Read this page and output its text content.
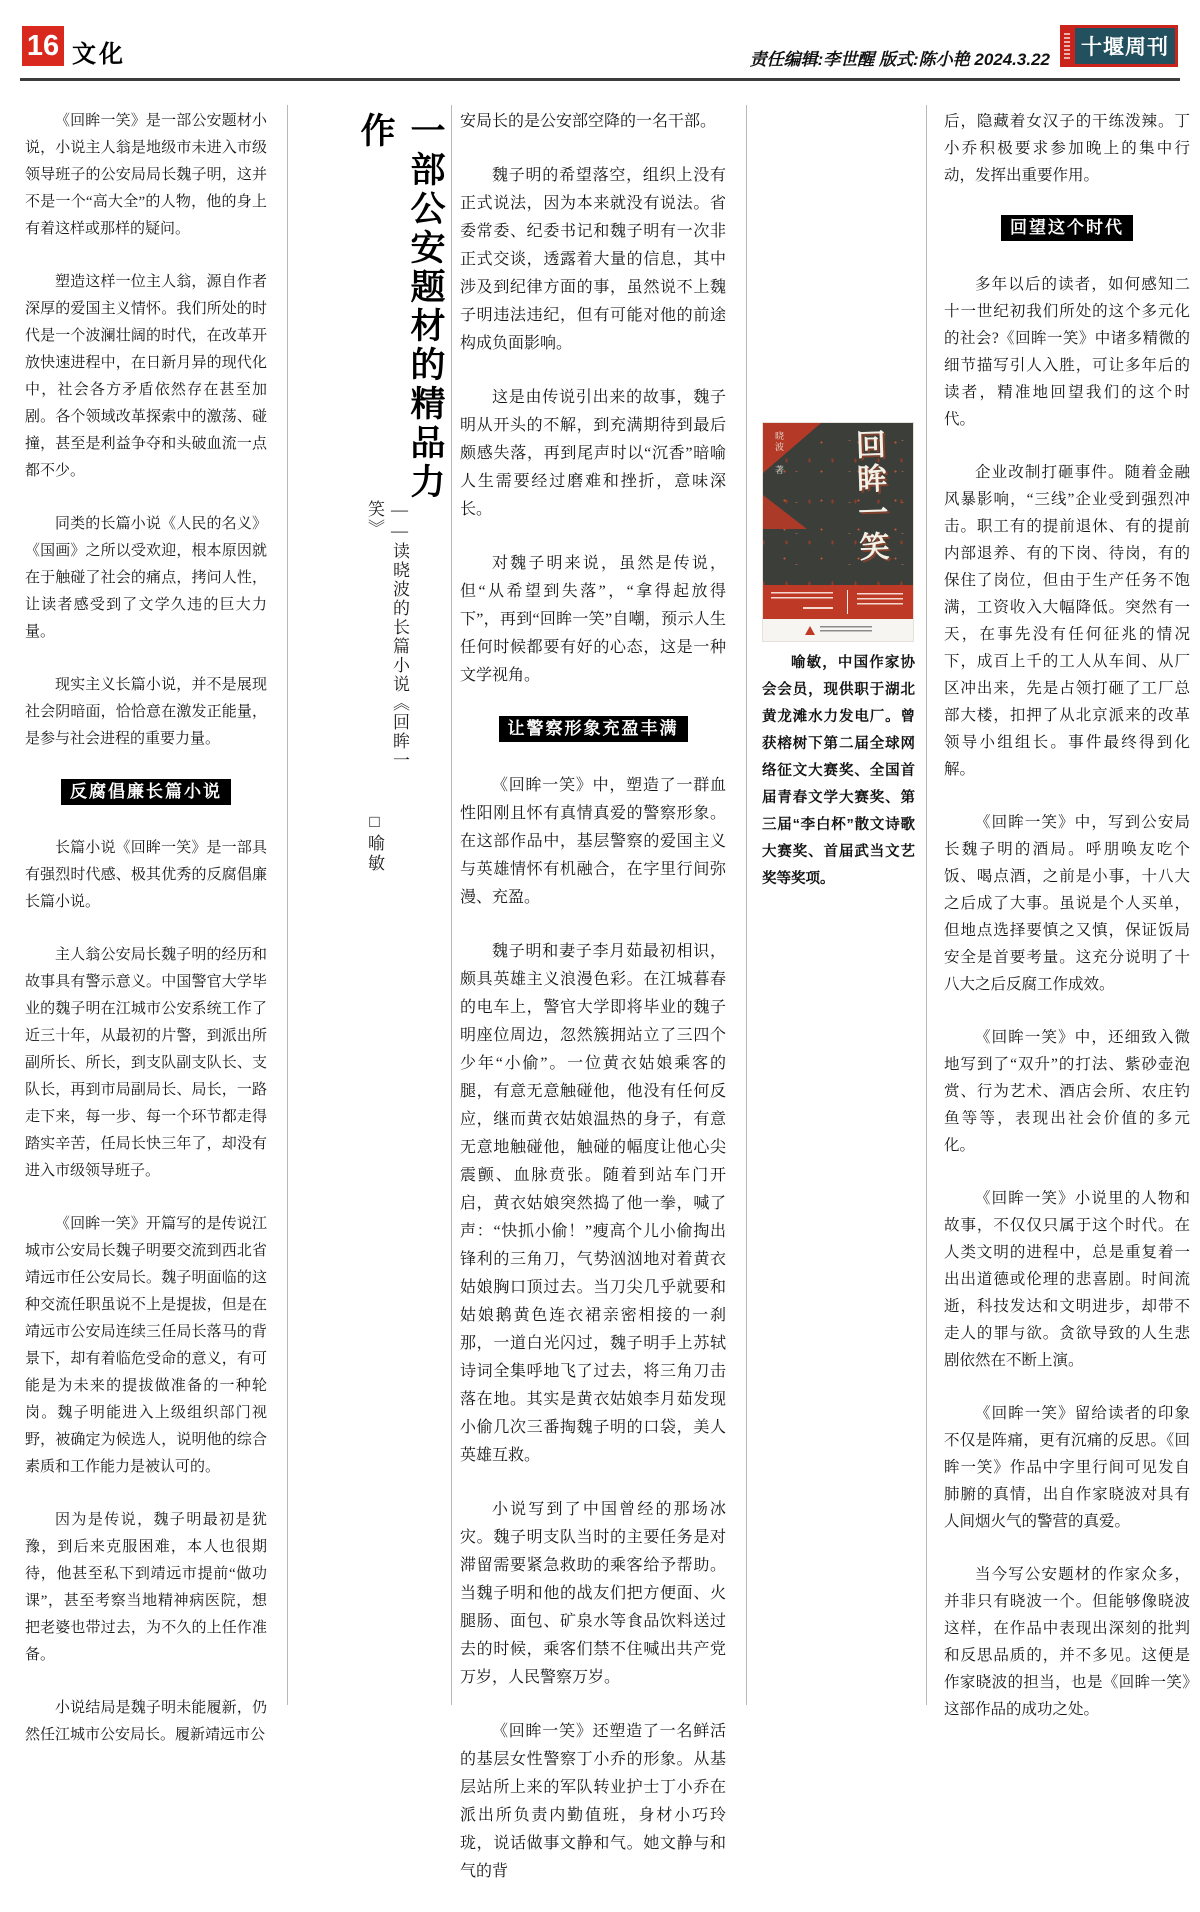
16 文化	责任编辑:李世醒 版式:陈小艳 2024.3.22
十堰周刊

《回眸一笑》是一部公安题材小说，小说主人翁是地级市未进入市级领导班子的公安局局长魏子明，这并不是一个“高大全”的人物，他的身上有着这样或那样的疑问。

塑造这样一位主人翁，源自作者深厚的爱国主义情怀。我们所处的时代是一个波澜壮阔的时代，在改革开放快速进程中，在日新月异的现代化中，社会各方矛盾依然存在甚至加剧。各个领域改革探索中的激荡、碰撞，甚至是利益争夺和头破血流一点都不少。

同类的长篇小说《人民的名义》《国画》之所以受欢迎，根本原因就在于触碰了社会的痛点，拷问人性，让读者感受到了文学久违的巨大力量。

现实主义长篇小说，并不是展现社会阴暗面，恰恰意在激发正能量，是参与社会进程的重要力量。

反腐倡廉长篇小说

长篇小说《回眸一笑》是一部具有强烈时代感、极其优秀的反腐倡廉长篇小说。

主人翁公安局长魏子明的经历和故事具有警示意义。中国警官大学毕业的魏子明在江城市公安系统工作了近三十年，从最初的片警，到派出所副所长、所长，到支队副支队长、支队长，再到市局副局长、局长，一路走下来，每一步、每一个环节都走得踏实辛苦，任局长快三年了，却没有进入市级领导班子。

《回眸一笑》开篇写的是传说江城市公安局长魏子明要交流到西北省靖远市任公安局长。魏子明面临的这种交流任职虽说不上是提拔，但是在靖远市公安局连续三任局长落马的背景下，却有着临危受命的意义，有可能是为未来的提拔做准备的一种轮岗。魏子明能进入上级组织部门视野，被确定为候选人，说明他的综合素质和工作能力是被认可的。

因为是传说，魏子明最初是犹豫，到后来克服困难，本人也很期待，他甚至私下到靖远市提前“做功课”，甚至考察当地精神病医院，想把老婆也带过去，为不久的上任作准备。

小说结局是魏子明未能履新，仍然任江城市公安局长。履新靖远市公

安局长的是公安部空降的一名干部。

魏子明的希望落空，组织上没有正式说法，因为本来就没有说法。省委常委、纪委书记和魏子明有一次非正式交谈，透露着大量的信息，其中涉及到纪律方面的事，虽然说不上魏子明违法违纪，但有可能对他的前途构成负面影响。

这是由传说引出来的故事，魏子明从开头的不解，到充满期待到最后颇感失落，再到尾声时以“沉香”暗喻人生需要经过磨难和挫折，意味深长。

对魏子明来说，虽然是传说，但“从希望到失落”，“拿得起放得下”，再到“回眸一笑”自嘲，预示人生任何时候都要有好的心态，这是一种文学视角。

让警察形象充盈丰满

《回眸一笑》中，塑造了一群血性阳刚且怀有真情真爱的警察形象。在这部作品中，基层警察的爱国主义与英雄情怀有机融合，在字里行间弥漫、充盈。

魏子明和妻子李月茹最初相识，颇具英雄主义浪漫色彩。在江城暮春的电车上，警官大学即将毕业的魏子明座位周边，忽然簇拥站立了三四个少年“小偷”。一位黄衣姑娘乘客的腿，有意无意触碰他，他没有任何反应，继而黄衣姑娘温热的身子，有意无意地触碰他，触碰的幅度让他心尖震颤、血脉贲张。随着到站车门开启，黄衣姑娘突然捣了他一拳，喊了声：“快抓小偷！”瘦高个儿小偷掏出锋利的三角刀，气势汹汹地对着黄衣姑娘胸口顶过去。当刀尖几乎就要和姑娘鹅黄色连衣裙亲密相接的一刹那，一道白光闪过，魏子明手上苏轼诗词全集呼地飞了过去，将三角刀击落在地。其实是黄衣姑娘李月茹发现小偷几次三番掏魏子明的口袋，美人英雄互救。

小说写到了中国曾经的那场冰灾。魏子明支队当时的主要任务是对滞留需要紧急救助的乘客给予帮助。当魏子明和他的战友们把方便面、火腿肠、面包、矿泉水等食品饮料送过去的时候，乘客们禁不住喊出共产党万岁，人民警察万岁。

《回眸一笑》还塑造了一名鲜活的基层女性警察丁小乔的形象。从基层站所上来的军队转业护士丁小乔在派出所负责内勤值班，身材小巧玲珑，说话做事文静和气。她文静与和气的背

后，隐藏着女汉子的干练泼辣。丁小乔积极要求参加晚上的集中行动，发挥出重要作用。

回望这个时代

多年以后的读者，如何感知二十一世纪初我们所处的这个多元化的社会?《回眸一笑》中诸多精微的细节描写引人入胜，可让多年后的读者，精准地回望我们的这个时代。

企业改制打砸事件。随着金融风暴影响，“三线”企业受到强烈冲击。职工有的提前退休、有的提前内部退养、有的下岗、待岗，有的保住了岗位，但由于生产任务不饱满，工资收入大幅降低。突然有一天，在事先没有任何征兆的情况下，成百上千的工人从车间、从厂区冲出来，先是占领打砸了工厂总部大楼，扣押了从北京派来的改革领导小组组长。事件最终得到化解。

《回眸一笑》中，写到公安局长魏子明的酒局。呼朋唤友吃个饭、喝点酒，之前是小事，十八大之后成了大事。虽说是个人买单，但地点选择要慎之又慎，保证饭局安全是首要考量。这充分说明了十八大之后反腐工作成效。

《回眸一笑》中，还细致入微地写到了“双升”的打法、紫砂壶泡赏、行为艺术、酒店会所、农庄钓鱼等等，表现出社会价值的多元化。

《回眸一笑》小说里的人物和故事，不仅仅只属于这个时代。在人类文明的进程中，总是重复着一出出道德或伦理的悲喜剧。时间流逝，科技发达和文明进步，却带不走人的罪与欲。贪欲导致的人生悲剧依然在不断上演。

《回眸一笑》留给读者的印象不仅是阵痛，更有沉痛的反思。《回眸一笑》作品中字里行间可见发自肺腑的真情，出自作家晓波对具有人间烟火气的警营的真爱。

当今写公安题材的作家众多，并非只有晓波一个。但能够像晓波这样，在作品中表现出深刻的批判和反思品质的，并不多见。这便是作家晓波的担当，也是《回眸一笑》这部作品的成功之处。

一部公安题材的精品力作
——读晓波的长篇小说《回眸一笑》
□喻敏
晓波 著 回眸一笑

喻敏，中国作家协会会员，现供职于湖北黄龙滩水力发电厂。曾获榕树下第二届全球网络征文大赛奖、全国首届青春文学大赛奖、第三届“李白杯”散文诗歌大赛奖、首届武当文艺奖等奖项。
